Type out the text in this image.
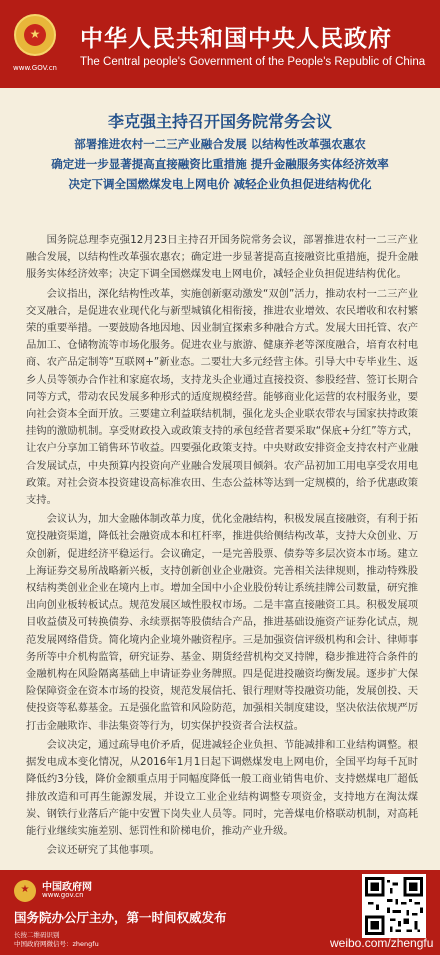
★
www.GOV.cn
中华人民共和国中央人民政府
The Central people's Government of the People's Republic of China
李克强主持召开国务院常务会议
部署推进农村一二三产业融合发展 以结构性改革强农惠农
确定进一步显著提高直接融资比重措施 提升金融服务实体经济效率
决定下调全国燃煤发电上网电价 减轻企业负担促进结构优化

国务院总理李克强12月23日主持召开国务院常务会议，部署推进农村一二三产业融合发展，以结构性改革强农惠农；确定进一步显著提高直接融资比重措施，提升金融服务实体经济效率；决定下调全国燃煤发电上网电价，减轻企业负担促进结构优化。

会议指出，深化结构性改革，实施创新驱动激发“双创”活力，推动农村一二三产业交叉融合，是促进农业现代化与新型城镇化相衔接，推进农业增效、农民增收和农村繁荣的重要举措。一要鼓励各地因地、因业制宜探索多种融合方式。发展大田托管、农产品加工、仓储物流等市场化服务。促进农业与旅游、健康养老等深度融合，培育农村电商、农产品定制等“互联网+”新业态。二要壮大多元经营主体。引导大中专毕业生、返乡人员等领办合作社和家庭农场，支持龙头企业通过直接投资、参股经营、签订长期合同等方式，带动农民发展多种形式的适度规模经营。能够商业化运营的农村服务业，要向社会资本全面开放。三要建立利益联结机制，强化龙头企业联农带农与国家扶持政策挂钩的激励机制。享受财政投入或政策支持的承包经营者要采取“保底+分红”等方式，让农户分享加工销售环节收益。四要强化政策支持。中央财政安排资金支持农村产业融合发展试点，中央预算内投资向产业融合发展项目倾斜。农产品初加工用电享受农用电政策。对社会资本投资建设高标准农田、生态公益林等达到一定规模的，给予优惠政策支持。

会议认为，加大金融体制改革力度，优化金融结构，积极发展直接融资，有利于拓宽投融资渠道，降低社会融资成本和杠杆率，推进供给侧结构改革，支持大众创业、万众创新，促进经济平稳运行。会议确定，一是完善股票、债券等多层次资本市场。建立上海证券交易所战略新兴板，支持创新创业企业融资。完善相关法律规则，推动特殊股权结构类创业企业在境内上市。增加全国中小企业股份转让系统挂牌公司数量，研究推出向创业板转板试点。规范发展区域性股权市场。二是丰富直接融资工具。积极发展项目收益债及可转换债券、永续票据等股债结合产品，推进基础设施资产证券化试点，规范发展网络借贷。简化境内企业境外融资程序。三是加强资信评级机构和会计、律师事务所等中介机构监管，研究证券、基金、期货经营机构交叉持牌，稳步推进符合条件的金融机构在风险隔离基础上申请证券业务牌照。四是促进投融资均衡发展。逐步扩大保险保障资金在资本市场的投资，规范发展信托、银行理财等投融资功能，发展创投、天使投资等私募基金。五是强化监管和风险防范，加强相关制度建设，坚决依法依规严厉打击金融欺诈、非法集资等行为，切实保护投资者合法权益。

会议决定，通过疏导电价矛盾，促进减轻企业负担、节能减排和工业结构调整。根据发电成本变化情况，从2016年1月1日起下调燃煤发电上网电价，全国平均每千瓦时降低约3分钱，降价金额重点用于同幅度降低一般工商业销售电价、支持燃煤电厂超低排放改造和可再生能源发展，并设立工业企业结构调整专项资金，支持地方在淘汰煤炭、钢铁行业落后产能中安置下岗失业人员等。同时，完善煤电价格联动机制，对高耗能行业继续实施差别、惩罚性和阶梯电价，推动产业升级。

会议还研究了其他事项。

★	中国政府网
www.gov.cn
国务院办公厅主办，第一时间权威发布
长按二维码识别
中国政府网微信号：zhengfu	weibo.com/zhengfu
